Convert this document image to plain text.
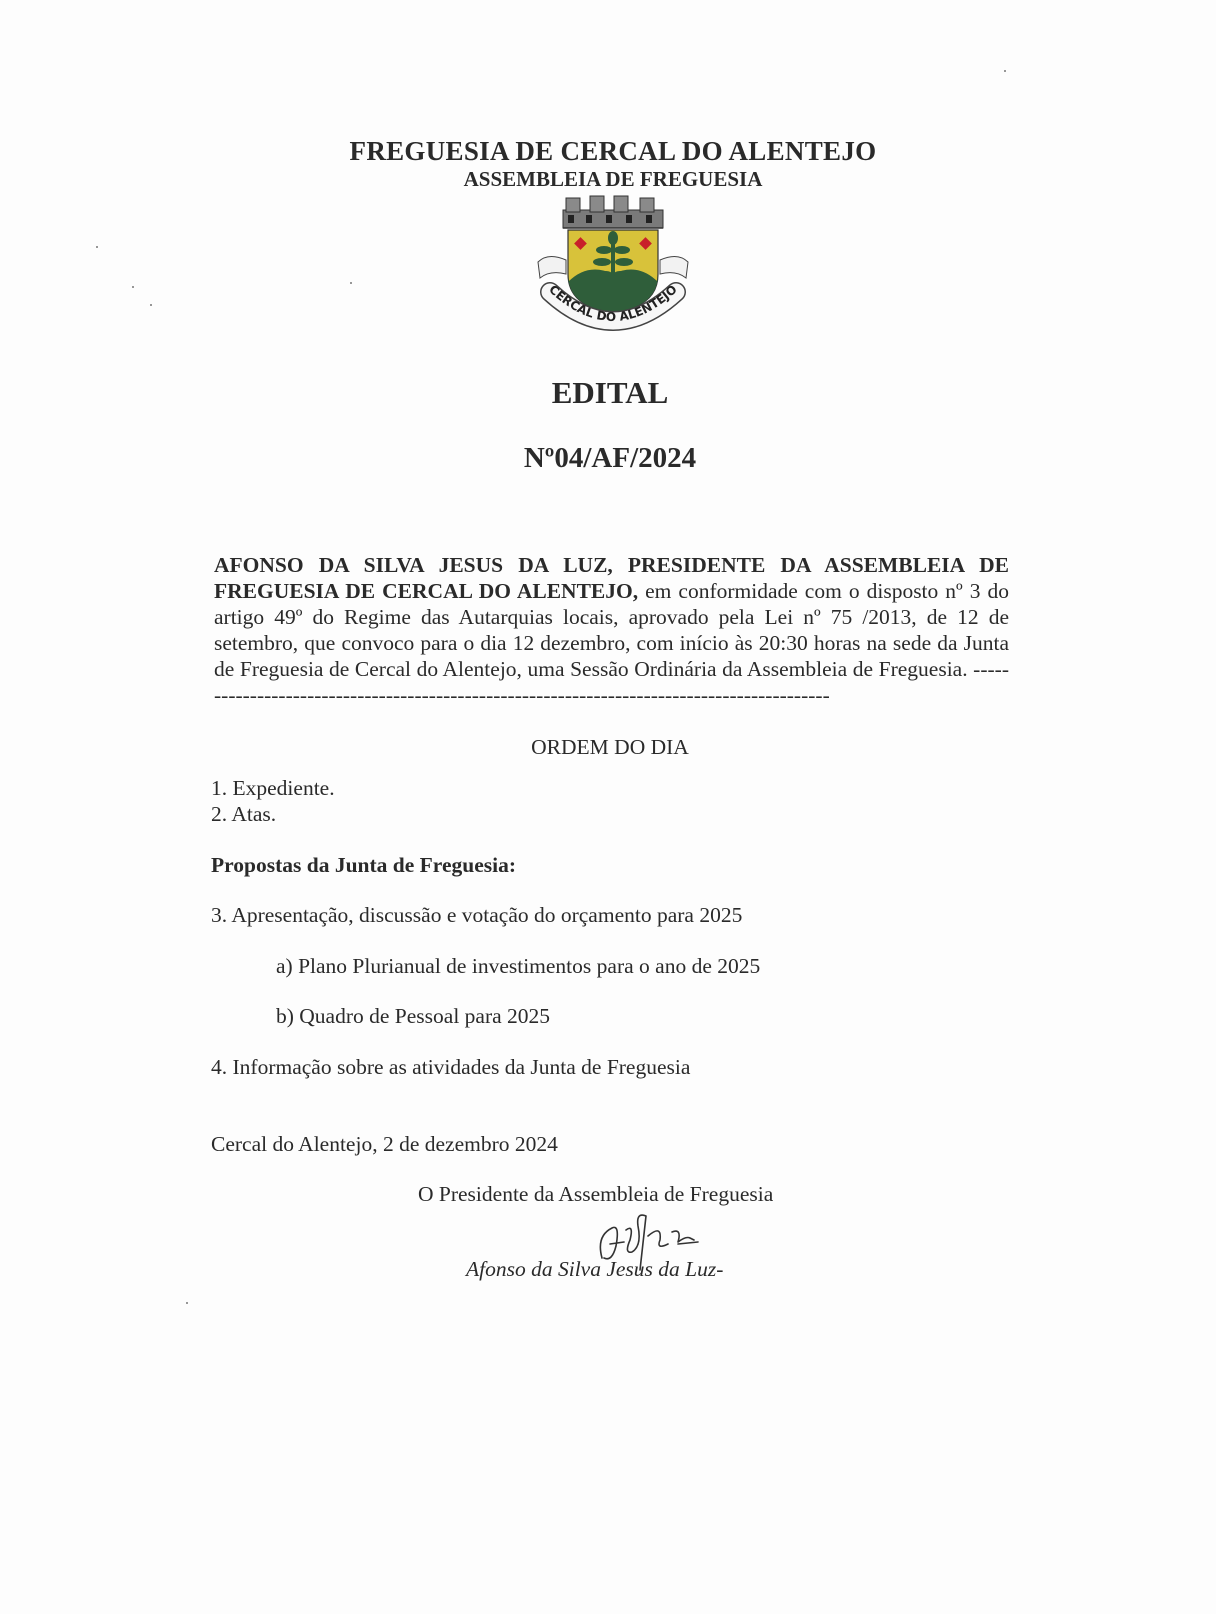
FREGUESIA DE CERCAL DO ALENTEJO
ASSEMBLEIA DE FREGUESIA
CERCAL DO ALENTEJO
EDITAL
Nº04/AF/2024
AFONSO DA SILVA JESUS DA LUZ, PRESIDENTE DA ASSEMBLEIA DE FREGUESIA DE CERCAL DO ALENTEJO, em conformidade com o disposto nº 3 do artigo 49º do Regime das Autarquias locais, aprovado pela Lei nº 75 /2013, de 12 de setembro, que convoco para o dia 12 dezembro, com início às 20:30 horas na sede da Junta de Freguesia de Cercal do Alentejo, uma Sessão Ordinária da Assembleia de Freguesia. -------------------------------------------------------------------------------------------
ORDEM DO DIA
1. Expediente.
2. Atas.
Propostas da Junta de Freguesia:
3. Apresentação, discussão e votação do orçamento para 2025
a) Plano Plurianual de investimentos para o ano de 2025
b) Quadro de Pessoal para 2025
4. Informação sobre as atividades da Junta de Freguesia
Cercal do Alentejo, 2 de dezembro 2024
O Presidente da Assembleia de Freguesia
Afonso da Silva Jesus da Luz-
